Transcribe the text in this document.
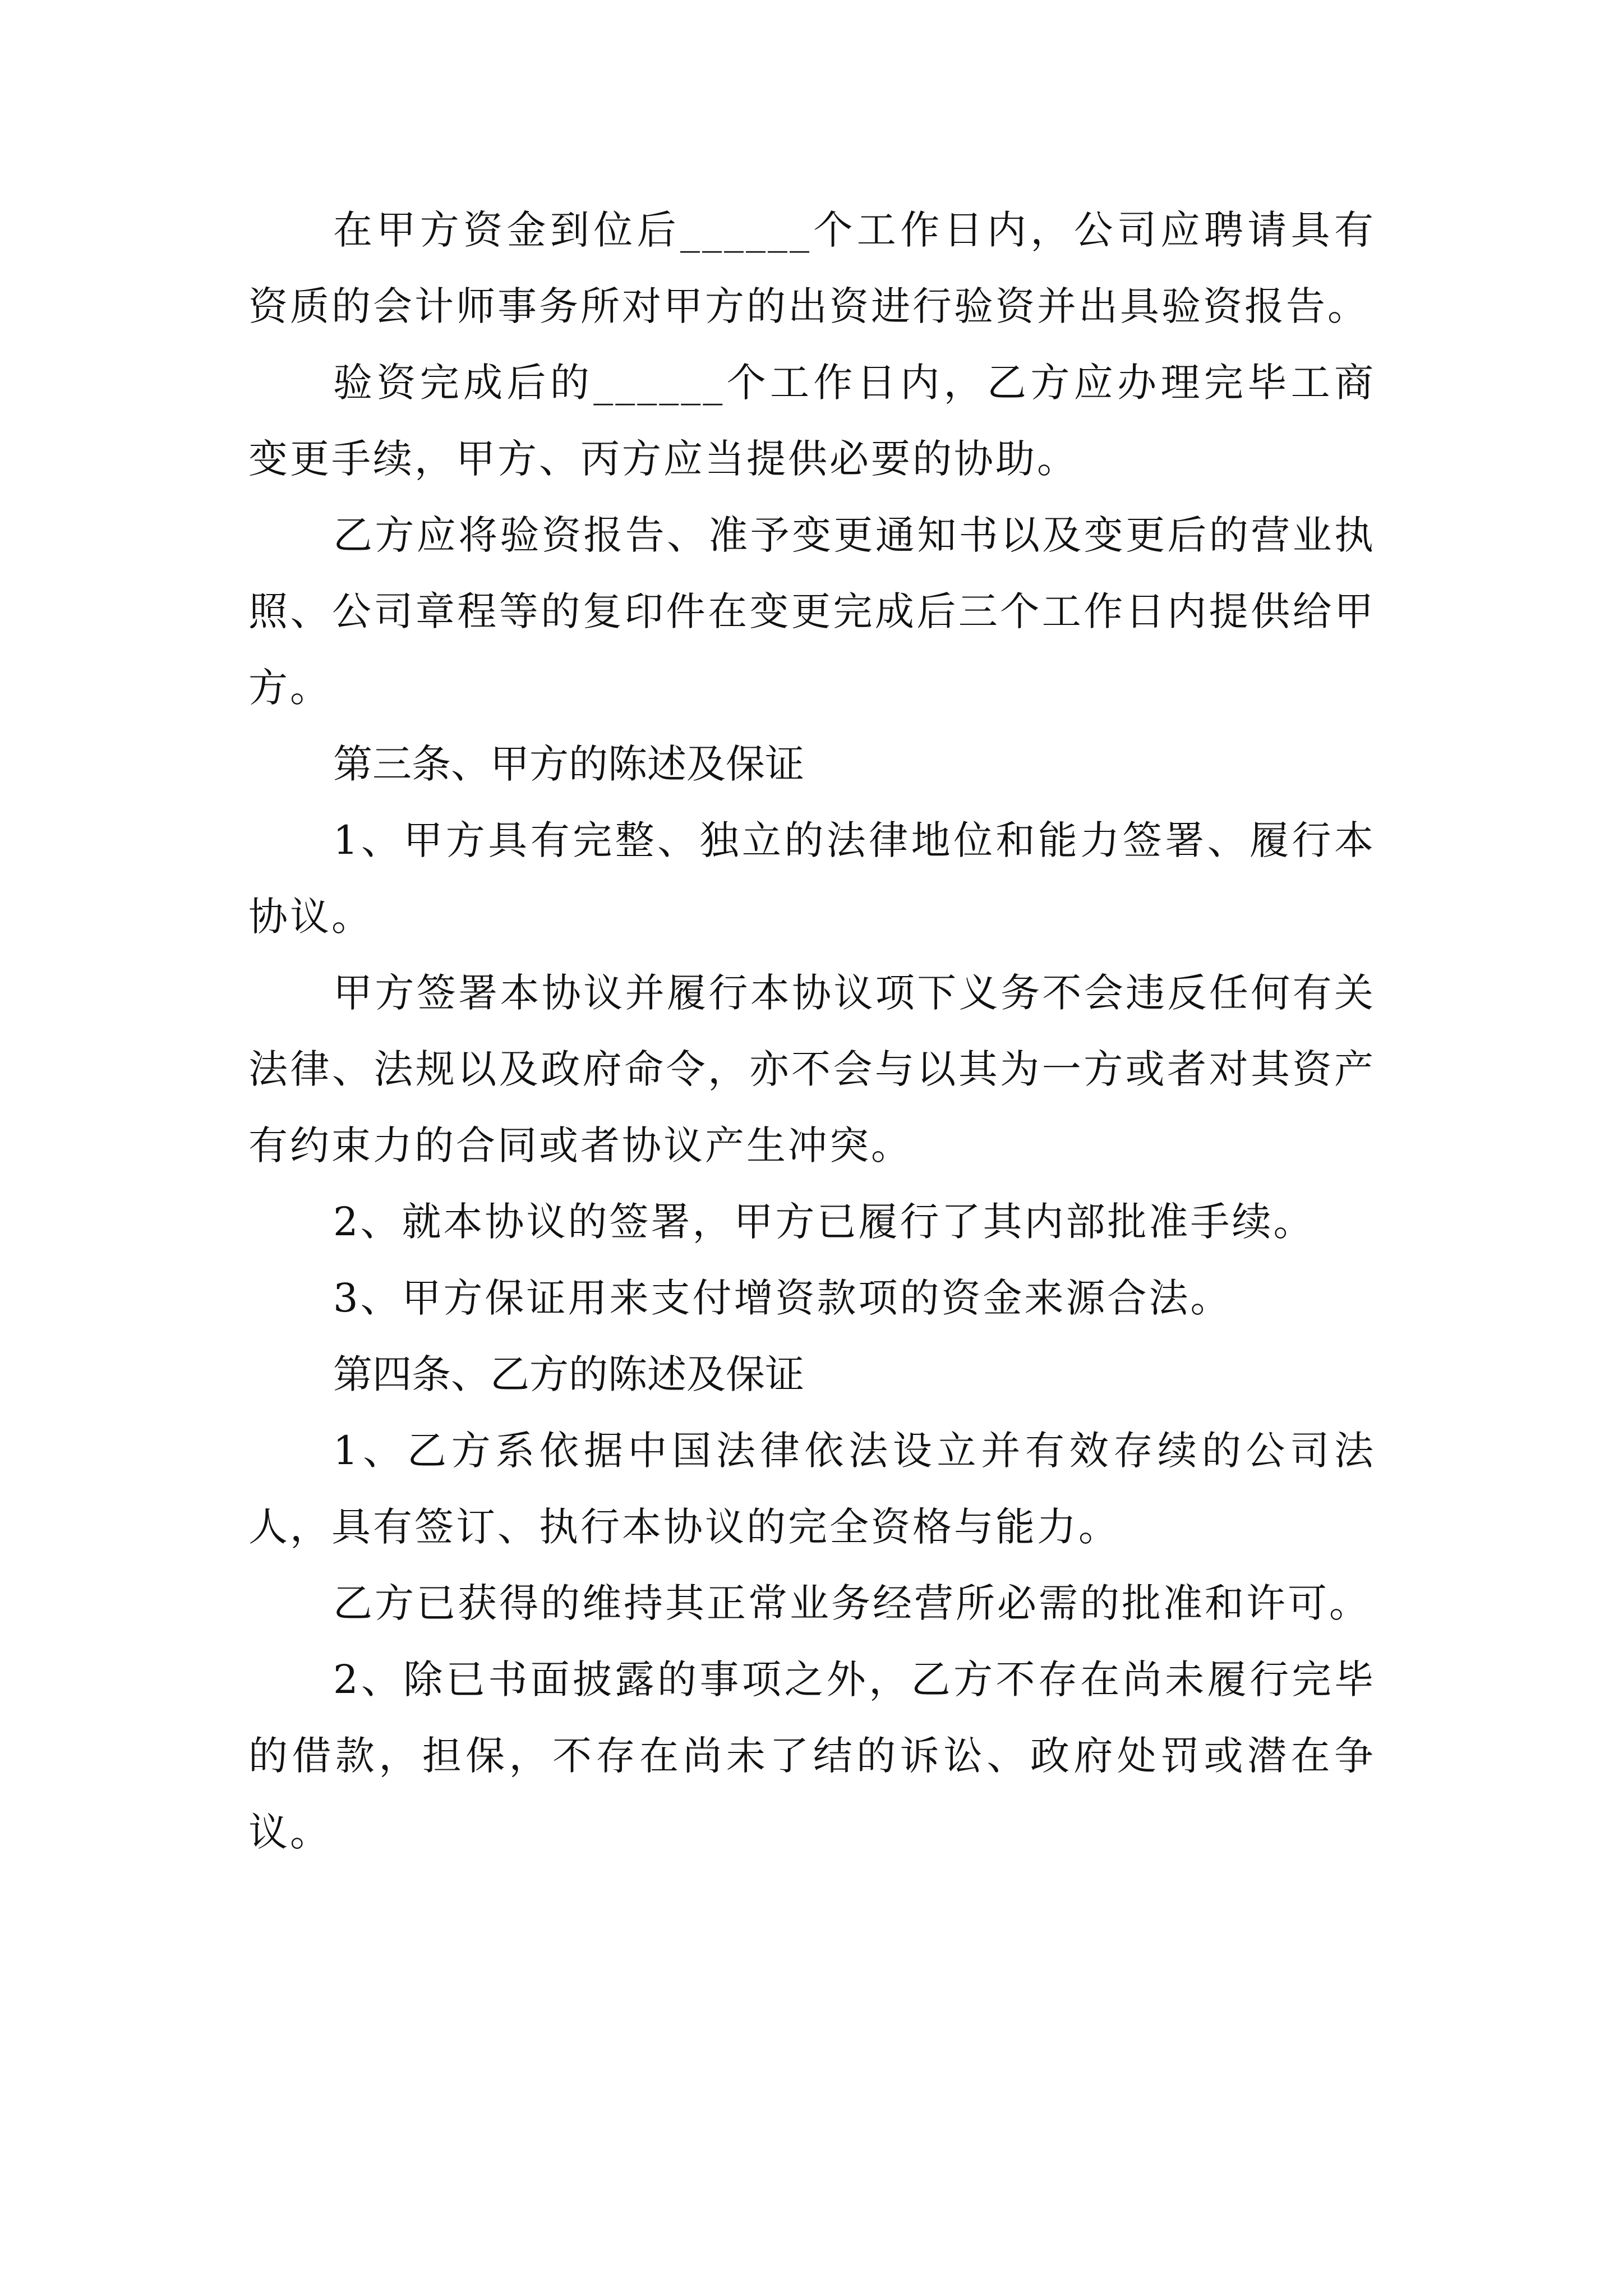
在甲方资金到位后______个工作日内，公司应聘请具有资质的会计师事务所对甲方的出资进行验资并出具验资报告。

验资完成后的______个工作日内，乙方应办理完毕工商变更手续，甲方、丙方应当提供必要的协助。

乙方应将验资报告、准予变更通知书以及变更后的营业执照、公司章程等的复印件在变更完成后三个工作日内提供给甲方。

第三条、甲方的陈述及保证

1、甲方具有完整、独立的法律地位和能力签署、履行本协议。

甲方签署本协议并履行本协议项下义务不会违反任何有关法律、法规以及政府命令，亦不会与以其为一方或者对其资产有约束力的合同或者协议产生冲突。

2、就本协议的签署，甲方已履行了其内部批准手续。

3、甲方保证用来支付增资款项的资金来源合法。

第四条、乙方的陈述及保证

1、乙方系依据中国法律依法设立并有效存续的公司法人，具有签订、执行本协议的完全资格与能力。

乙方已获得的维持其正常业务经营所必需的批准和许可。

2、除已书面披露的事项之外，乙方不存在尚未履行完毕的借款，担保，不存在尚未了结的诉讼、政府处罚或潜在争议。
